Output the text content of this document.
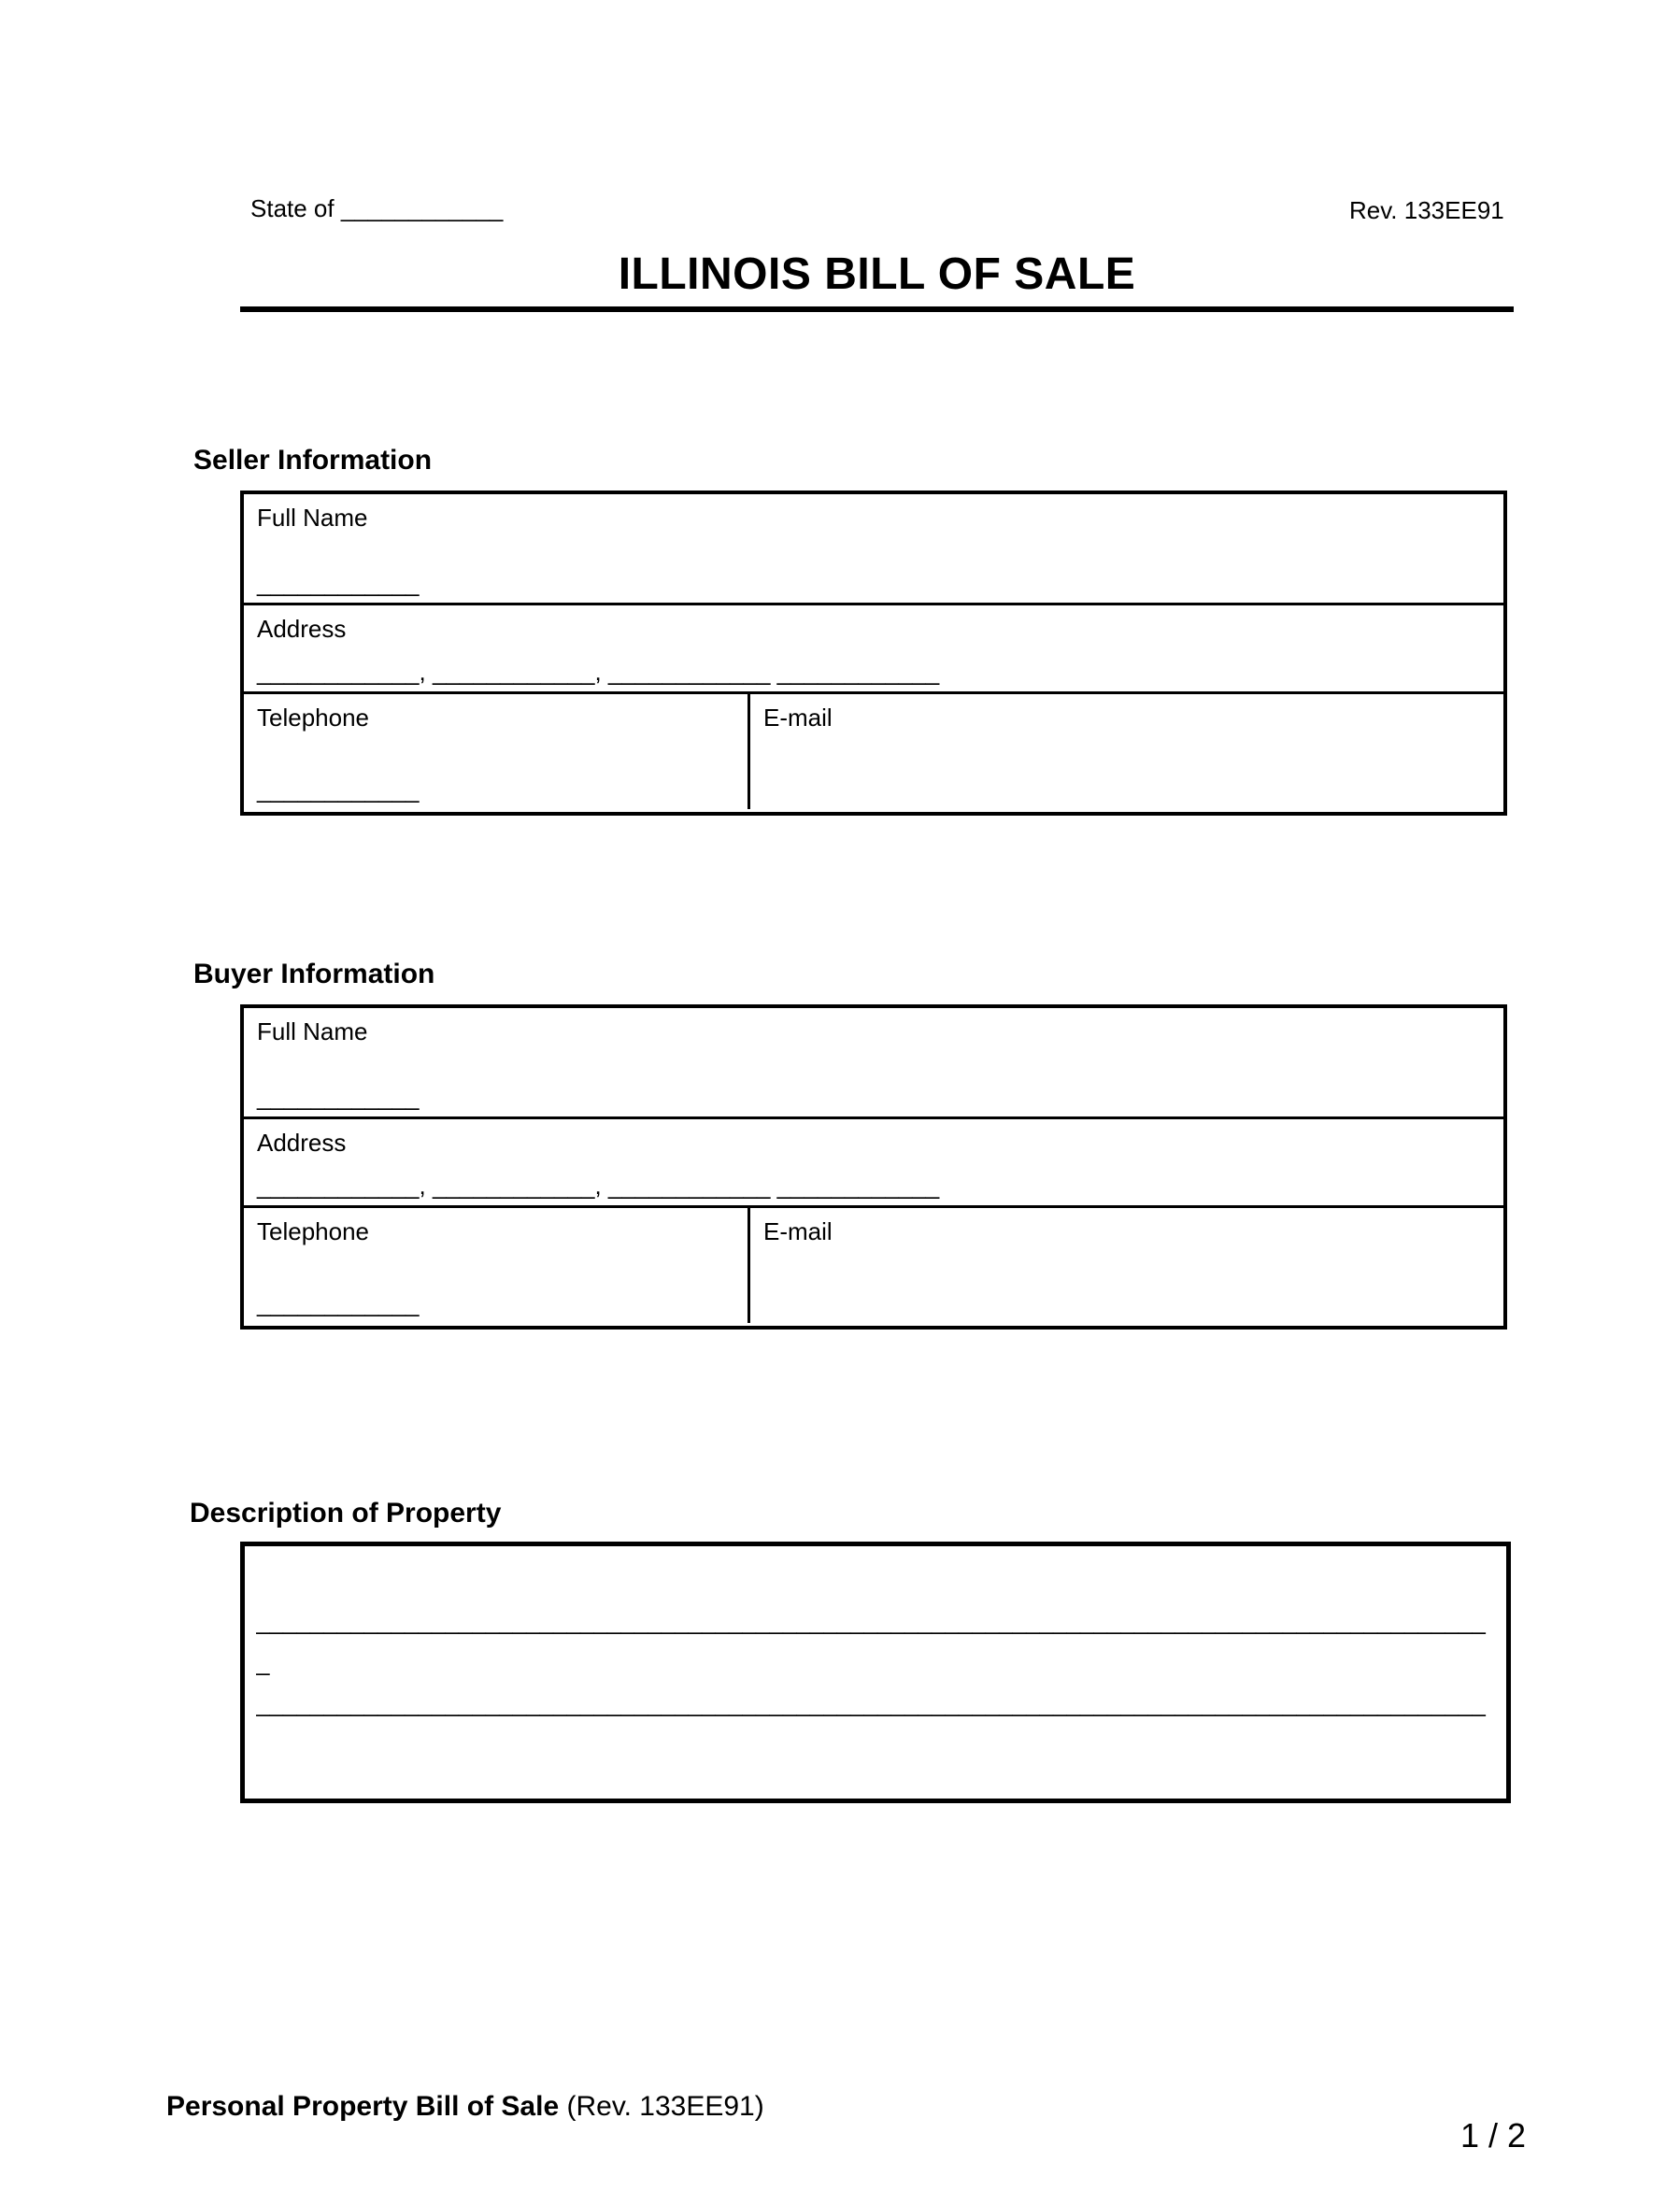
State of ____________	Rev. 133EE91
ILLINOIS BILL OF SALE
Seller Information
Full Name
____________
Address
____________, ____________, ____________ ____________
Telephone
____________
E-mail
Buyer Information
Full Name
____________
Address
____________, ____________, ____________ ____________
Telephone
____________
E-mail
Description of Property
___________________________________________________________________________________________
_
___________________________________________________________________________________________
Personal Property Bill of Sale (Rev. 133EE91)
1 / 2
